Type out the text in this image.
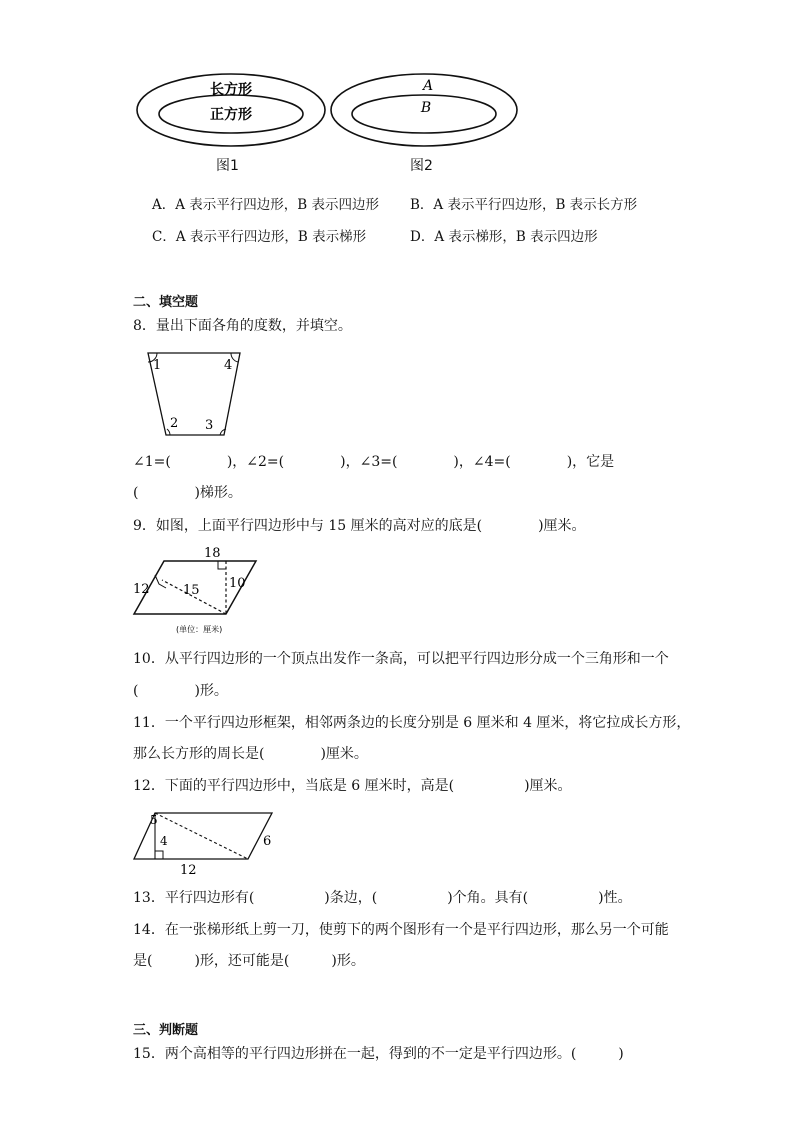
长方形
正方形
A
B
图1	图2
A．A 表示平行四边形，B 表示四边形 B．A 表示平行四边形，B 表示长方形
C．A 表示平行四边形，B 表示梯形	D．A 表示梯形，B 表示四边形
二、填空题
8．量出下面各角的度数，并填空。
1	4
2 3
∠1=(　　　　)，∠2=(　　　　)，∠3=(　　　　)，∠4=(　　　　)，它是
(　　　　)梯形。
9．如图，上面平行四边形中与 15 厘米的高对应的底是(　　　　)厘米。
18
12	15 10
(单位：厘米)
10．从平行四边形的一个顶点出发作一条高，可以把平行四边形分成一个三角形和一个
(　　　　)形。
11．一个平行四边形框架，相邻两条边的长度分别是 6 厘米和 4 厘米，将它拉成长方形，
那么长方形的周长是(　　　　)厘米。
12．下面的平行四边形中，当底是 6 厘米时，高是(　　　　　)厘米。
5
4	6
12
13．平行四边形有(　　　　　)条边，(　　　　　)个角。具有(　　　　　)性。
14．在一张梯形纸上剪一刀，使剪下的两个图形有一个是平行四边形，那么另一个可能
是(　　　)形，还可能是(　　　)形。
三、判断题
15．两个高相等的平行四边形拼在一起，得到的不一定是平行四边形。(　　　)
